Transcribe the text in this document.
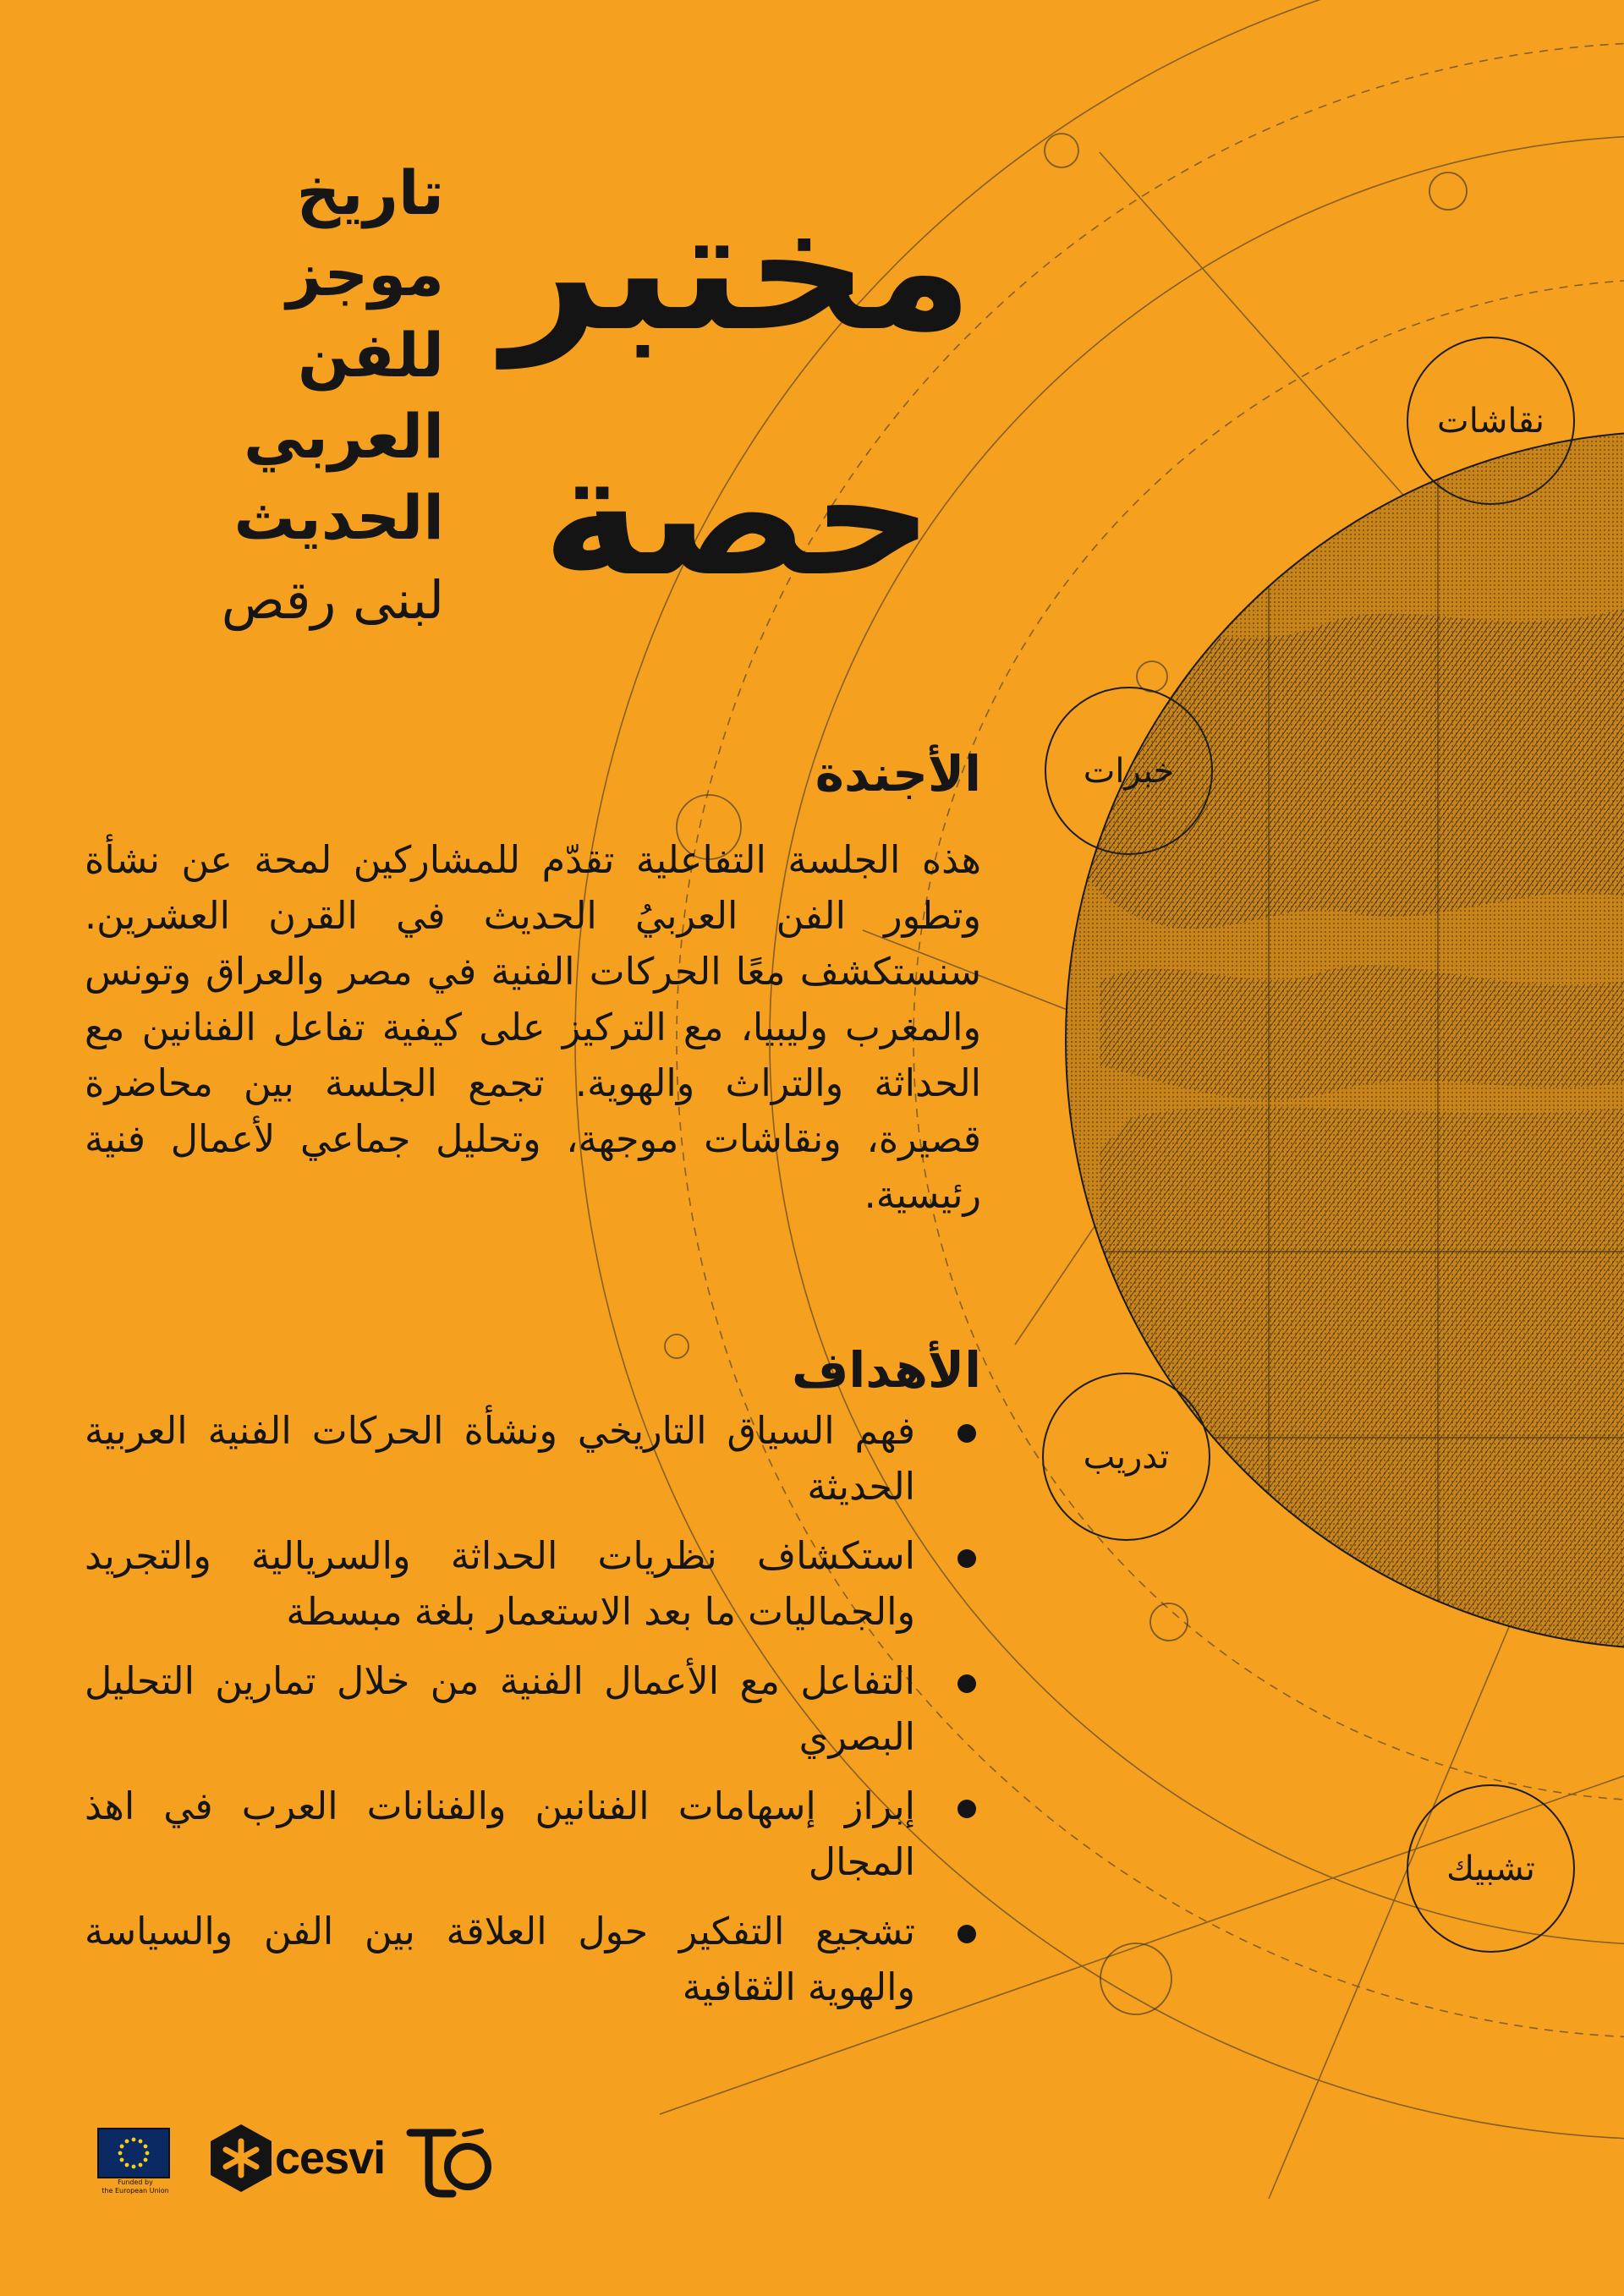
مختبر
حصة
تاريخ موجز
للفن العربي
الحديث
لبنى رقص
الأجندة
هذه الجلسة التفاعلية تقدّم للمشاركين لمحة عن نشأة وتطور الفن العربيُ الحديث في القرن العشرين. سنستكشف معًا الحركات الفنية في مصر والعراق وتونس والمغرب وليبيا، مع التركيز على كيفية تفاعل الفنانين مع الحداثة والتراث والهوية. تجمع الجلسة بين محاضرة قصيرة، ونقاشات موجهة، وتحليل جماعي لأعمال فنية رئيسية.
الأهداف
فهم السياق التاريخي ونشأة الحركات الفنية العربية الحديثة
استكشاف نظريات الحداثة والسريالية والتجريد والجماليات ما بعد الاستعمار بلغة مبسطة
التفاعل مع الأعمال الفنية من خلال تمارين التحليل البصري
إبراز إسهامات الفنانين والفنانات العرب في اهذ المجال
تشجيع التفكير حول العلاقة بين الفن والسياسة والهوية الثقافية
نقاشات
خبرات
تدريب
تشبيك
Funded by
the European Union
cesvi
